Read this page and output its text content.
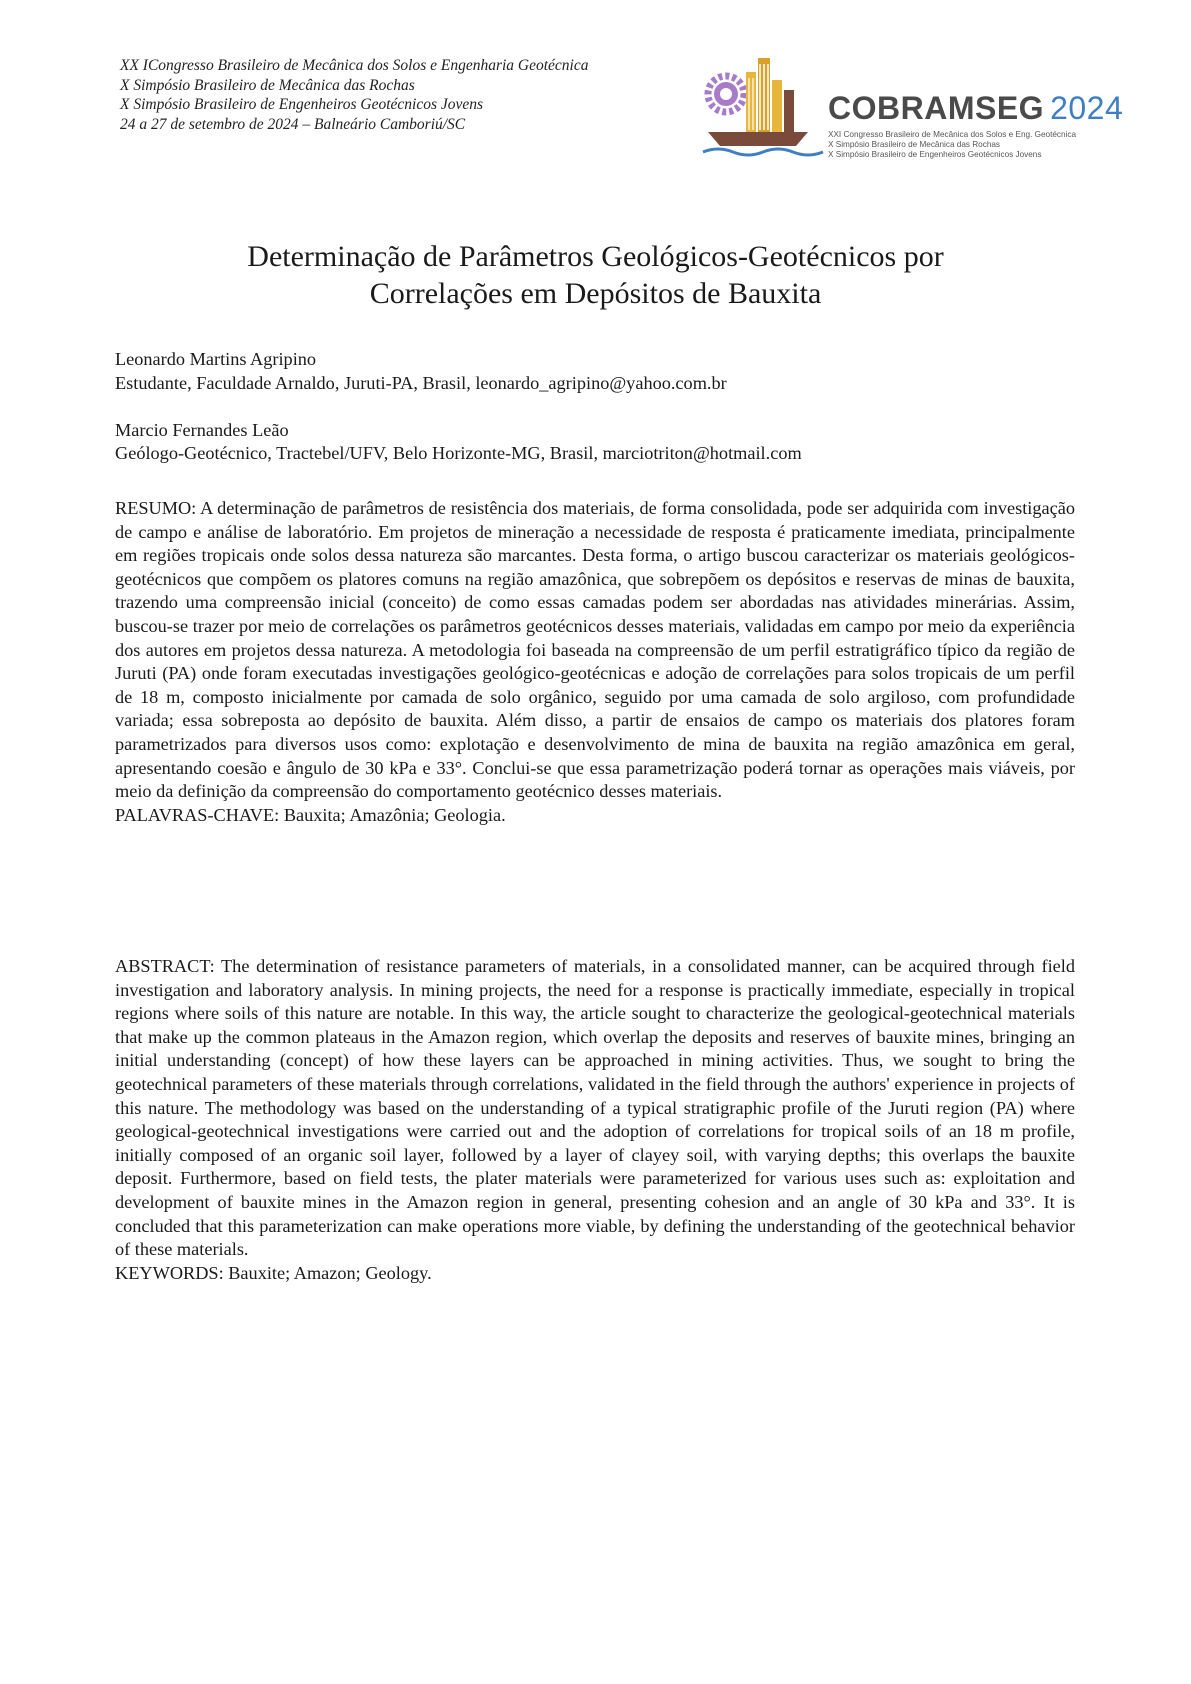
XX ICongresso Brasileiro de Mecânica dos Solos e Engenharia Geotécnica
X Simpósio Brasileiro de Mecânica das Rochas
X Simpósio Brasileiro de Engenheiros Geotécnicos Jovens
24 a 27 de setembro de 2024 – Balneário Camboriú/SC	COBRAMSEG 2024
XXI Congresso Brasileiro de Mecânica dos Solos e Eng. Geotécnica
X Simpósio Brasileiro de Mecânica das Rochas
X Simpósio Brasileiro de Engenheiros Geotécnicos Jovens
Determinação de Parâmetros Geológicos-Geotécnicos por
Correlações em Depósitos de Bauxita
Leonardo Martins Agripino
Estudante, Faculdade Arnaldo, Juruti-PA, Brasil, leonardo_agripino@yahoo.com.br
Marcio Fernandes Leão
Geólogo-Geotécnico, Tractebel/UFV, Belo Horizonte-MG, Brasil, marciotriton@hotmail.com

RESUMO: A determinação de parâmetros de resistência dos materiais, de forma consolidada, pode ser adquirida com investigação de campo e análise de laboratório. Em projetos de mineração a necessidade de resposta é praticamente imediata, principalmente em regiões tropicais onde solos dessa natureza são marcantes. Desta forma, o artigo buscou caracterizar os materiais geológicos-geotécnicos que compõem os platores comuns na região amazônica, que sobrepõem os depósitos e reservas de minas de bauxita, trazendo uma compreensão inicial (conceito) de como essas camadas podem ser abordadas nas atividades minerárias. Assim, buscou-se trazer por meio de correlações os parâmetros geotécnicos desses materiais, validadas em campo por meio da experiência dos autores em projetos dessa natureza. A metodologia foi baseada na compreensão de um perfil estratigráfico típico da região de Juruti (PA) onde foram executadas investigações geológico-geotécnicas e adoção de correlações para solos tropicais de um perfil de 18 m, composto inicialmente por camada de solo orgânico, seguido por uma camada de solo argiloso, com profundidade variada; essa sobreposta ao depósito de bauxita. Além disso, a partir de ensaios de campo os materiais dos platores foram parametrizados para diversos usos como: explotação e desenvolvimento de mina de bauxita na região amazônica em geral, apresentando coesão e ângulo de 30 kPa e 33°. Conclui-se que essa parametrização poderá tornar as operações mais viáveis, por meio da definição da compreensão do comportamento geotécnico desses materiais.

PALAVRAS-CHAVE: Bauxita; Amazônia; Geologia.

ABSTRACT: The determination of resistance parameters of materials, in a consolidated manner, can be acquired through field investigation and laboratory analysis. In mining projects, the need for a response is practically immediate, especially in tropical regions where soils of this nature are notable. In this way, the article sought to characterize the geological-geotechnical materials that make up the common plateaus in the Amazon region, which overlap the deposits and reserves of bauxite mines, bringing an initial understanding (concept) of how these layers can be approached in mining activities. Thus, we sought to bring the geotechnical parameters of these materials through correlations, validated in the field through the authors' experience in projects of this nature. The methodology was based on the understanding of a typical stratigraphic profile of the Juruti region (PA) where geological-geotechnical investigations were carried out and the adoption of correlations for tropical soils of an 18 m profile, initially composed of an organic soil layer, followed by a layer of clayey soil, with varying depths; this overlaps the bauxite deposit. Furthermore, based on field tests, the plater materials were parameterized for various uses such as: exploitation and development of bauxite mines in the Amazon region in general, presenting cohesion and an angle of 30 kPa and 33°. It is concluded that this parameterization can make operations more viable, by defining the understanding of the geotechnical behavior of these materials.

KEYWORDS: Bauxite; Amazon; Geology.
